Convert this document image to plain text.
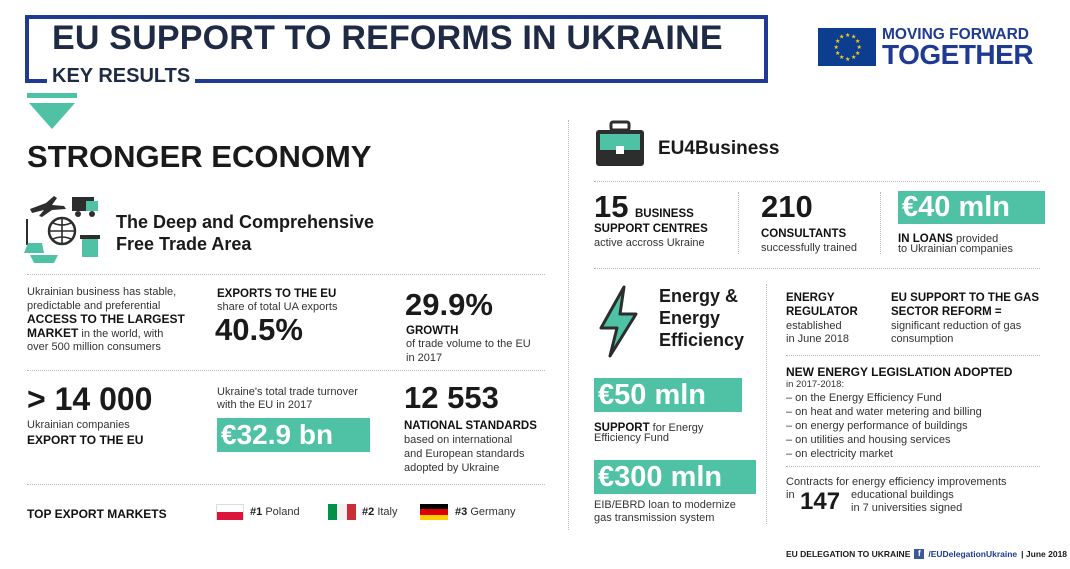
EU SUPPORT TO REFORMS IN UKRAINE
KEY RESULTS
★ ★
★
★
★
★
★
★
★
★
★
★ MOVING FORWARD
TOGETHER
STRONGER ECONOMY
The Deep and Comprehensive
Free Trade Area
Ukrainian business has stable,
predictable and preferential
ACCESS TO THE LARGEST
MARKET in the world, with
over 500 million consumers
EXPORTS TO THE EU
share of total UA exports
40.5%
29.9%
GROWTH
of trade volume to the EU
in 2017
> 14 000
Ukrainian companies
EXPORT TO THE EU
Ukraine's total trade turnover
with the EU in 2017
€32.9 bn
12 553
NATIONAL STANDARDS
based on international
and European standards
adopted by Ukraine
TOP EXPORT MARKETS	#1 Poland	#2 Italy	#3 Germany
EU4Business
15 BUSINESS
SUPPORT CENTRES
active accross Ukraine
210
CONSULTANTS
successfully trained
€40 mln
IN LOANS provided
to Ukrainian companies
Energy &
Energy
Efficiency
ENERGY
REGULATOR
established
in June 2018
EU SUPPORT TO THE GAS
SECTOR REFORM =
significant reduction of gas
consumption
€50 mln
SUPPORT for Energy
Efficiency Fund
NEW ENERGY LEGISLATION ADOPTED
in 2017-2018:
– on the Energy Efficiency Fund
– on heat and water metering and billing
– on energy performance of buildings
– on utilities and housing services
– on electricity market
€300 mln
EIB/EBRD loan to modernize
gas transmission system
Contracts for energy efficiency improvements
in 147 educational buildings
in 7 universities signed
EU DELEGATION TO UKRAINE f /EUDelegationUkraine | June 2018
